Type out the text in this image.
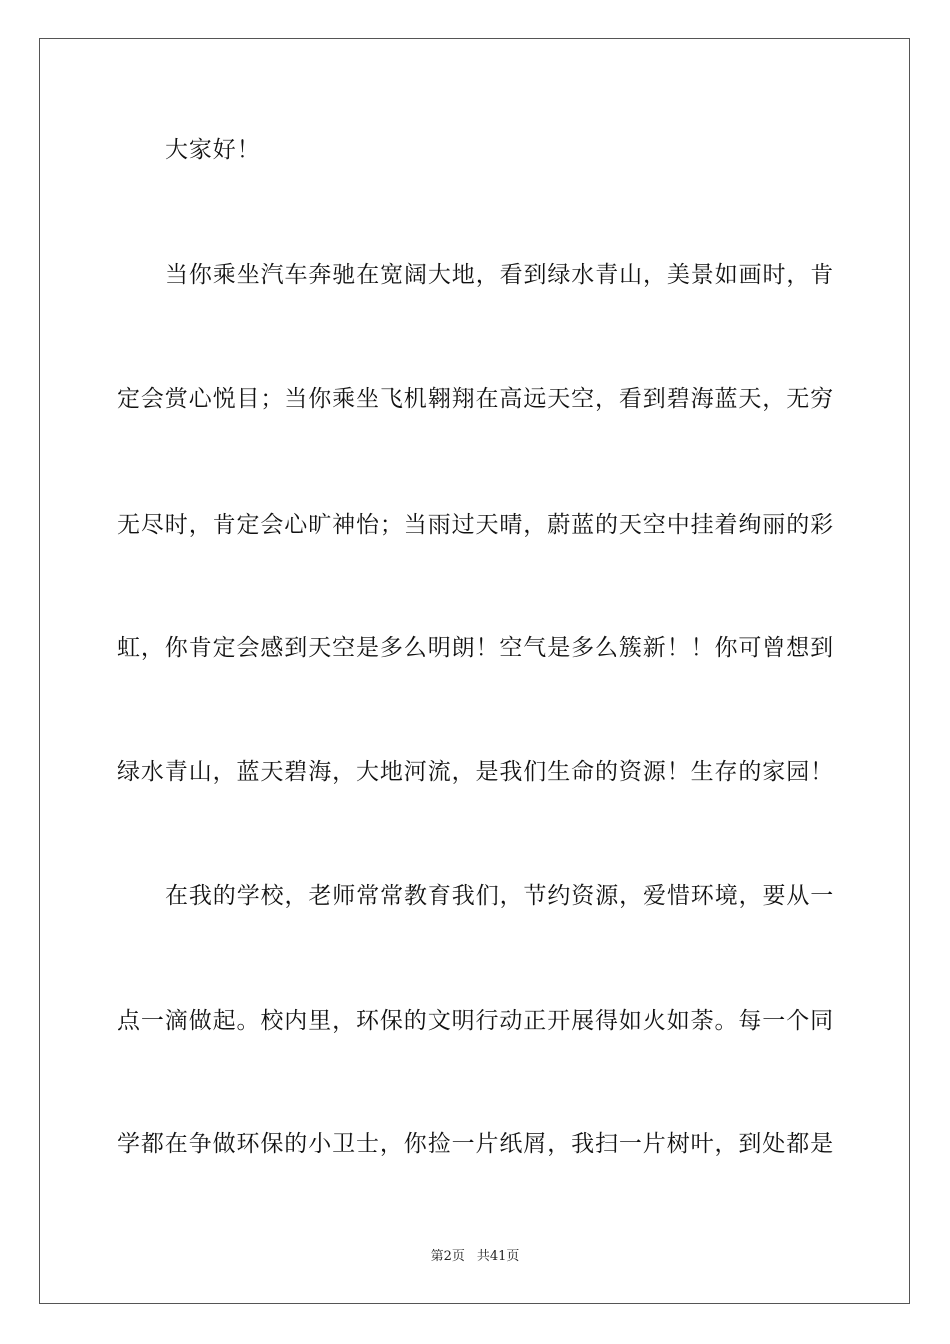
大家好！
当你乘坐汽车奔驰在宽阔大地，看到绿水青山，美景如画时，肯
定会赏心悦目；当你乘坐飞机翱翔在高远天空，看到碧海蓝天，无穷
无尽时，肯定会心旷神怡；当雨过天晴，蔚蓝的天空中挂着绚丽的彩
虹，你肯定会感到天空是多么明朗！空气是多么簇新！！你可曾想到
绿水青山，蓝天碧海，大地河流，是我们生命的资源！生存的家园！
在我的学校，老师常常教育我们，节约资源，爱惜环境，要从一
点一滴做起。校内里，环保的文明行动正开展得如火如荼。每一个同
学都在争做环保的小卫士，你捡一片纸屑，我扫一片树叶，到处都是
第2页 共41页
